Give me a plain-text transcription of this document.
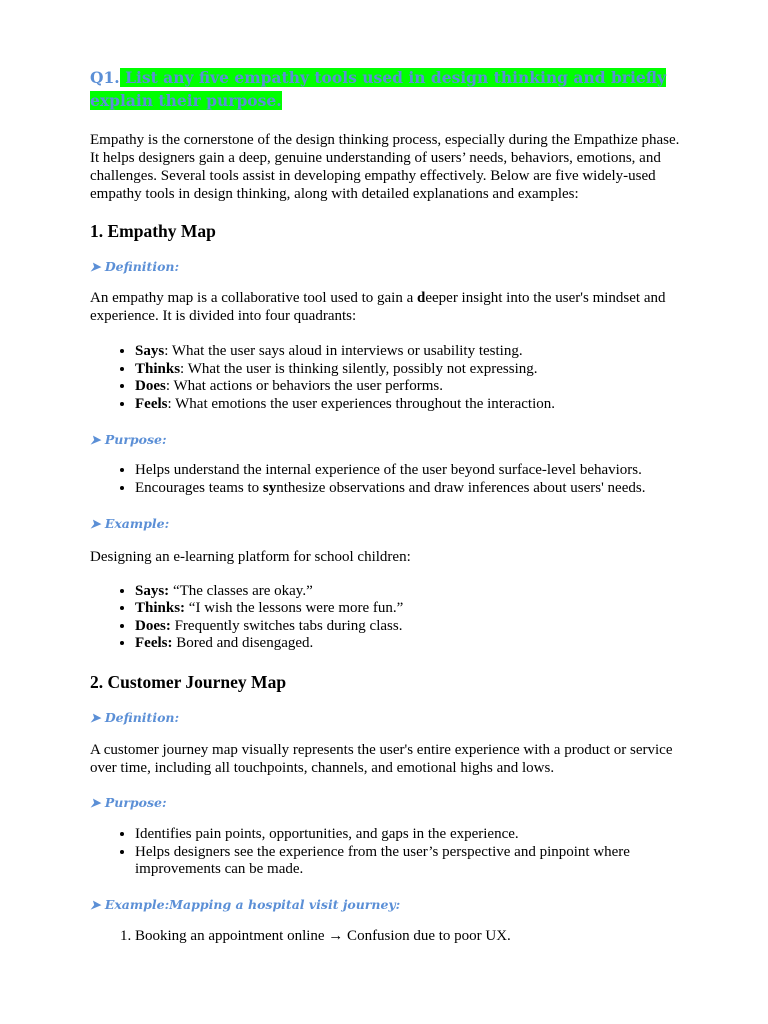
Q1. List any five empathy tools used in design thinking and briefly explain their purpose.

Empathy is the cornerstone of the design thinking process, especially during the Empathize phase. It helps designers gain a deep, genuine understanding of users’ needs, behaviors, emotions, and challenges. Several tools assist in developing empathy effectively. Below are five widely-used empathy tools in design thinking, along with detailed explanations and examples:

1. Empathy Map

➤ Definition:

An empathy map is a collaborative tool used to gain a deeper insight into the user's mindset and experience. It is divided into four quadrants:

• Says: What the user says aloud in interviews or usability testing.
• Thinks: What the user is thinking silently, possibly not expressing.
• Does: What actions or behaviors the user performs.
• Feels: What emotions the user experiences throughout the interaction.

➤ Purpose:

• Helps understand the internal experience of the user beyond surface-level behaviors.
• Encourages teams to synthesize observations and draw inferences about users' needs.

➤ Example:

Designing an e-learning platform for school children:

• Says: “The classes are okay.”
• Thinks: “I wish the lessons were more fun.”
• Does: Frequently switches tabs during class.
• Feels: Bored and disengaged.
2. Customer Journey Map

➤ Definition:

A customer journey map visually represents the user's entire experience with a product or service over time, including all touchpoints, channels, and emotional highs and lows.

➤ Purpose:

• Identifies pain points, opportunities, and gaps in the experience.
• Helps designers see the experience from the user’s perspective and pinpoint where improvements can be made.

➤ Example:Mapping a hospital visit journey:

1. Booking an appointment online → Confusion due to poor UX.
